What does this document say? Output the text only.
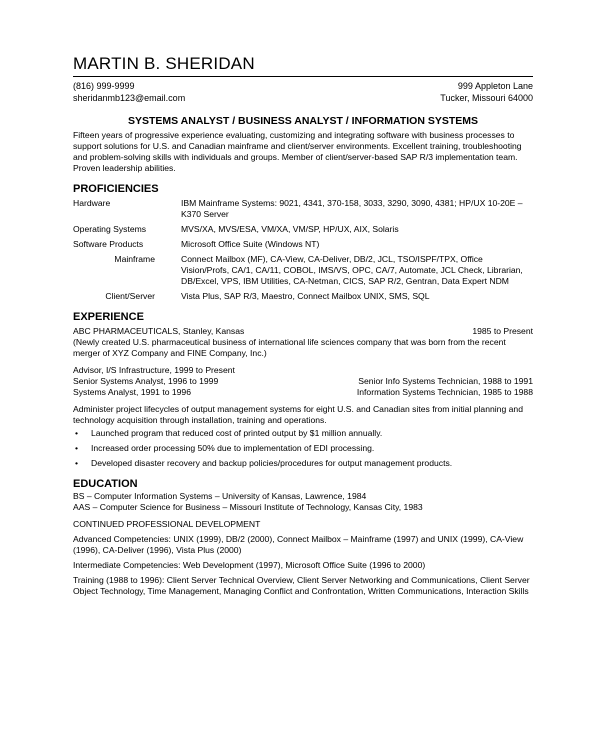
MARTIN B. SHERIDAN
(816) 999-9999
sheridanmb123@email.com
999 Appleton Lane
Tucker, Missouri 64000
SYSTEMS ANALYST / BUSINESS ANALYST / INFORMATION SYSTEMS
Fifteen years of progressive experience evaluating, customizing and integrating software with business processes to support solutions for U.S. and Canadian mainframe and client/server environments. Excellent training, troubleshooting and problem-solving skills with individuals and groups. Member of client/server-based SAP R/3 implementation team. Proven leadership abilities.
PROFICIENCIES
Hardware	IBM Mainframe Systems: 9021, 4341, 370-158, 3033, 3290, 3090, 4381; HP/UX 10-20E – K370 Server
Operating Systems	MVS/XA, MVS/ESA, VM/XA, VM/SP, HP/UX, AIX, Solaris
Software Products	Microsoft Office Suite (Windows NT)
Mainframe	Connect Mailbox (MF), CA-View, CA-Deliver, DB/2, JCL, TSO/ISPF/TPX, Office Vision/Profs, CA/1, CA/11, COBOL, IMS/VS, OPC, CA/7, Automate, JCL Check, Librarian, DB/Excel, VPS, IBM Utilities, CA-Netman, CICS, SAP R/2, Gentran, Data Expert NDM
Client/Server	Vista Plus, SAP R/3, Maestro, Connect Mailbox UNIX, SMS, SQL
EXPERIENCE
ABC PHARMACEUTICALS, Stanley, Kansas	1985 to Present
(Newly created U.S. pharmaceutical business of international life sciences company that was born from the recent merger of XYZ Company and FINE Company, Inc.)
Advisor, I/S Infrastructure, 1999 to Present
Senior Systems Analyst, 1996 to 1999	Senior Info Systems Technician, 1988 to 1991
Systems Analyst, 1991 to 1996	Information Systems Technician, 1985 to 1988
Administer project lifecycles of output management systems for eight U.S. and Canadian sites from initial planning and technology acquisition through installation, training and operations.
• Launched program that reduced cost of printed output by $1 million annually.
• Increased order processing 50% due to implementation of EDI processing.
• Developed disaster recovery and backup policies/procedures for output management products.
EDUCATION
BS – Computer Information Systems – University of Kansas, Lawrence, 1984
AAS – Computer Science for Business – Missouri Institute of Technology, Kansas City, 1983
CONTINUED PROFESSIONAL DEVELOPMENT
Advanced Competencies: UNIX (1999), DB/2 (2000), Connect Mailbox – Mainframe (1997) and UNIX (1999), CA-View (1996), CA-Deliver (1996), Vista Plus (2000)
Intermediate Competencies: Web Development (1997), Microsoft Office Suite (1996 to 2000)
Training (1988 to 1996): Client Server Technical Overview, Client Server Networking and Communications, Client Server Object Technology, Time Management, Managing Conflict and Confrontation, Written Communications, Interaction Skills
